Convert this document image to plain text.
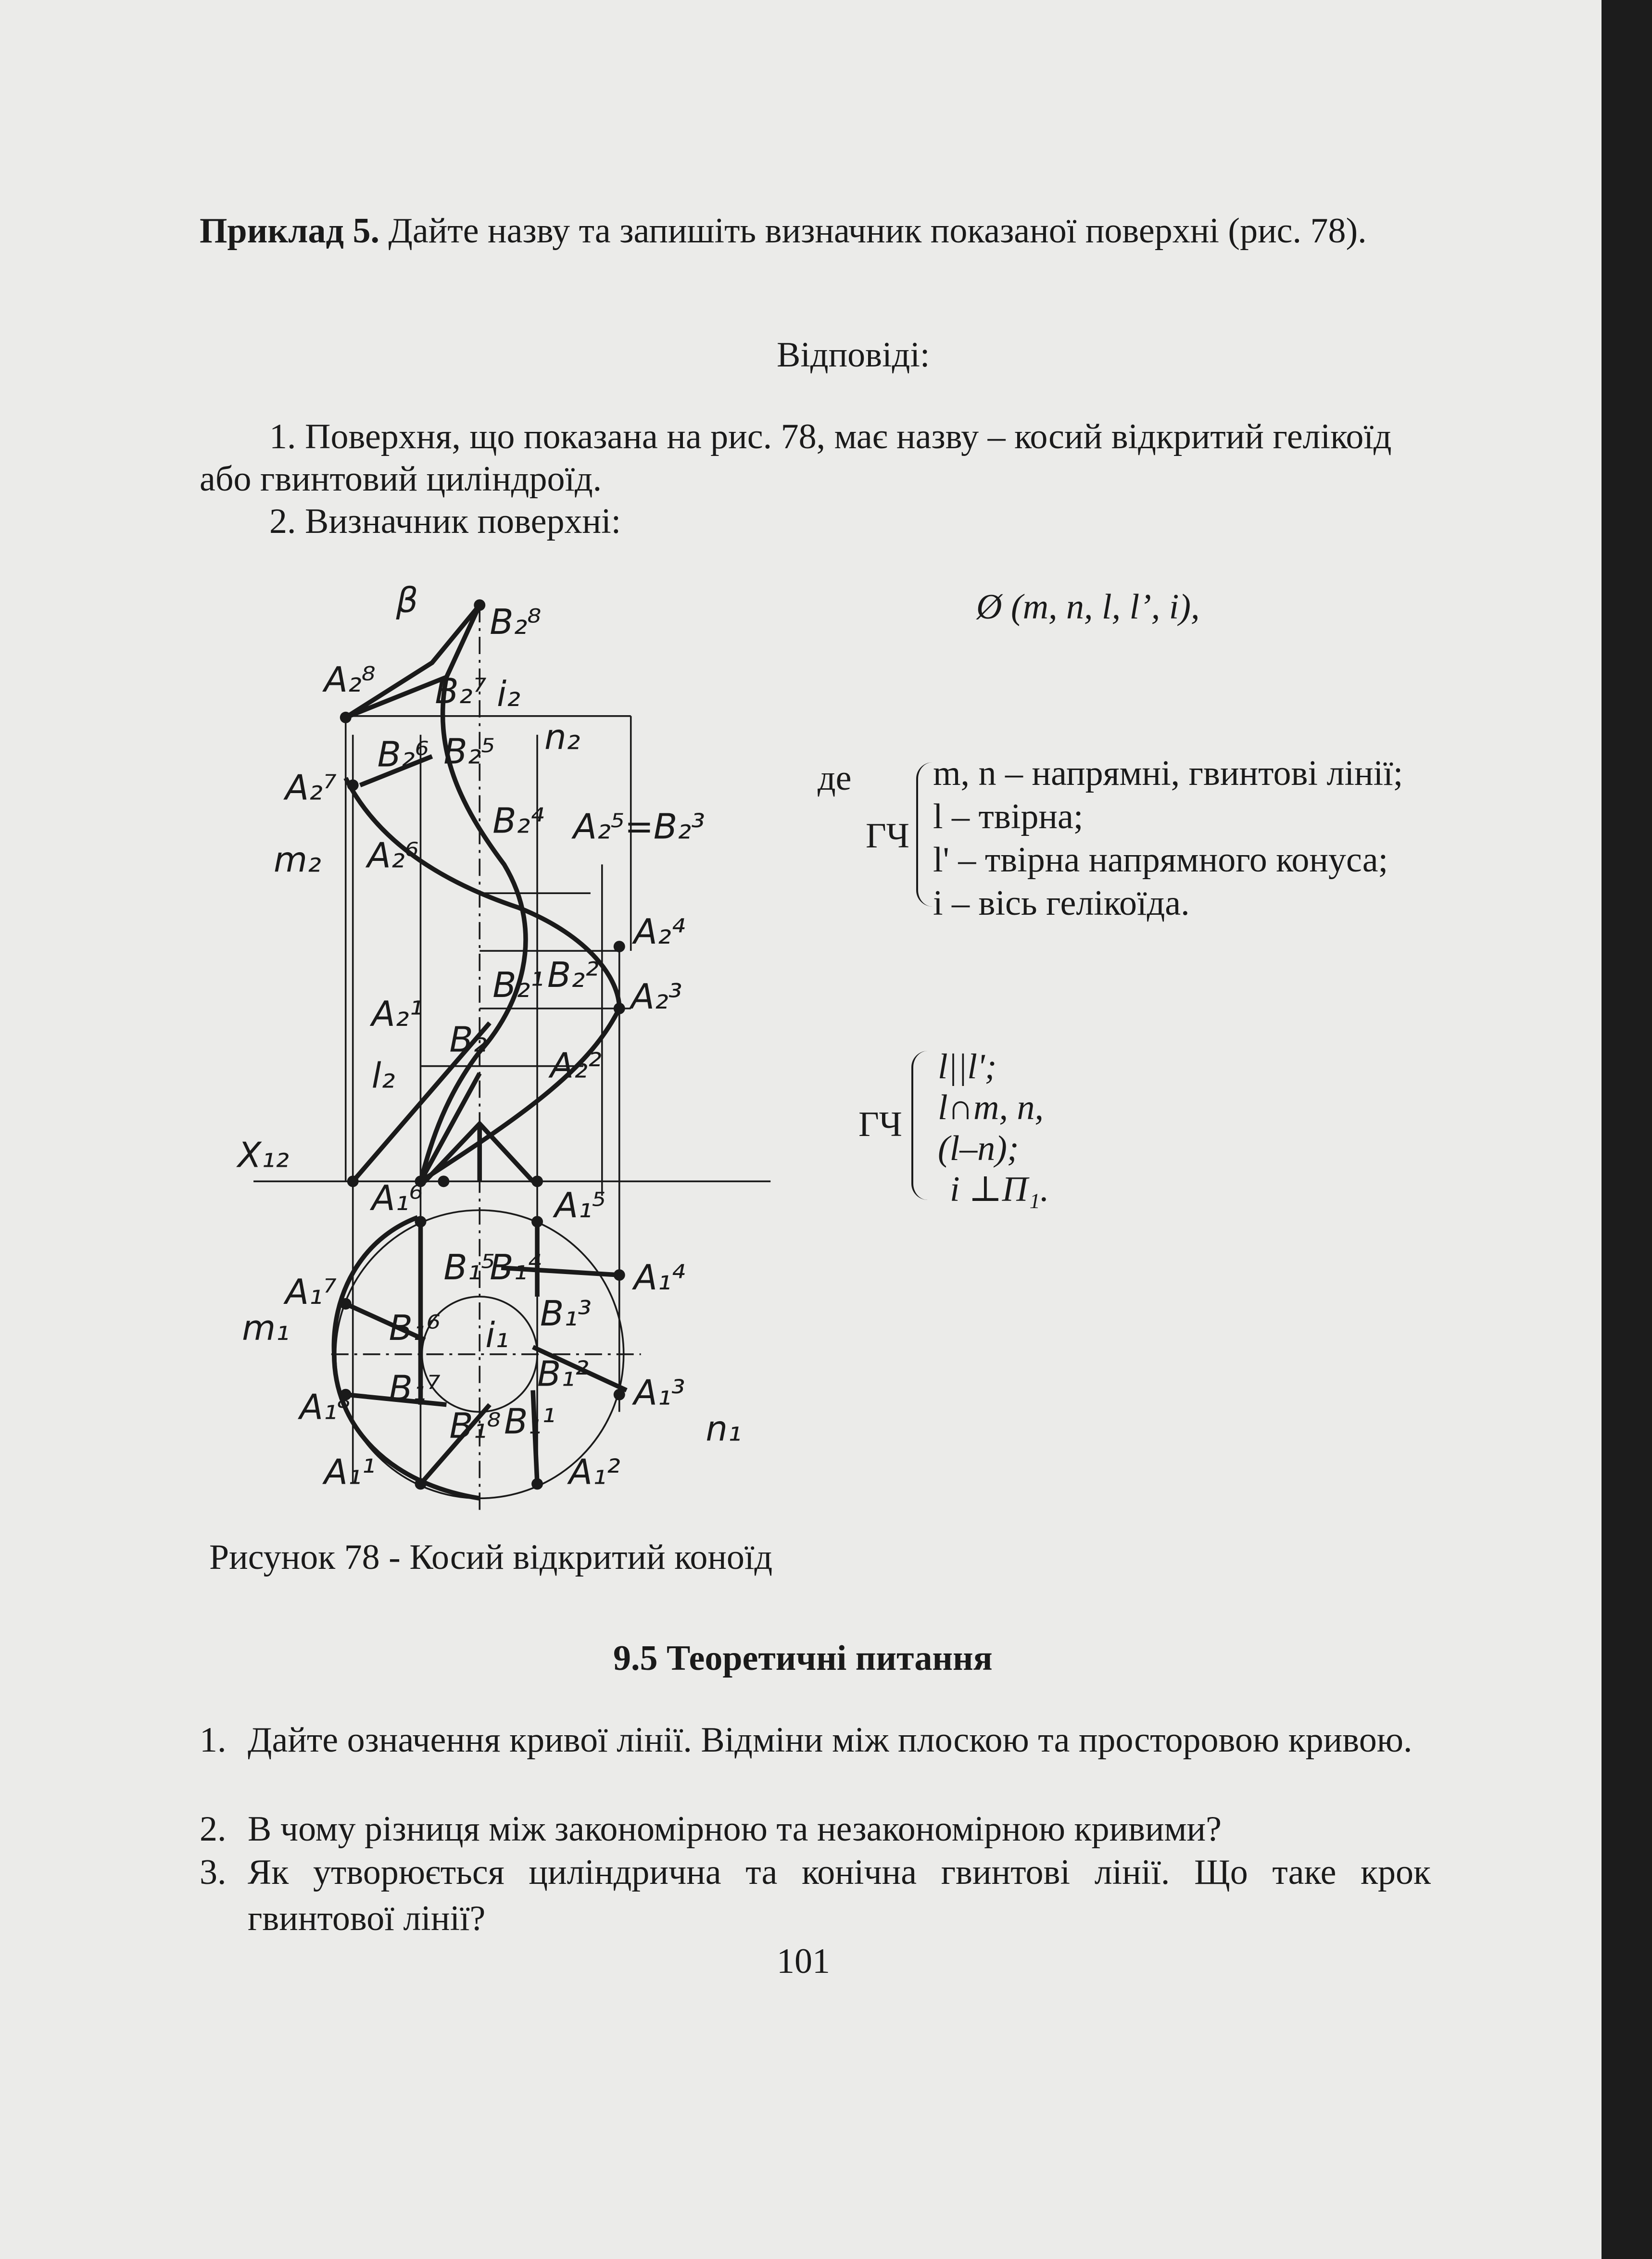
Приклад 5. Дайте назву та запишіть визначник показаної поверхні (рис. 78).
Відповіді:
1. Поверхня, що показана на рис. 78, має назву – косий відкритий гелікоїд
або гвинтовий циліндроїд.
2. Визначник поверхні:
Ø (m, n, l, l’, i),
де
ГЧ
m, n – напрямні, гвинтові лінії;
l – твірна;
l' – твірна напрямного конуса;
i – вісь гелікоїда.
ГЧ
l||l';
l∩m, n,
(l–n);
i ⊥Π₁.
β
B₂⁸
A₂⁸	B₂⁷ i₂
B₂⁶ B₂⁵	n₂
A₂⁷
B₂⁴	A₂⁵=B₂³
m₂	A₂⁶
A₂⁴
B₂¹ B₂²
A₂³
A₂¹
B₂
A₂²
l₂
X₁₂
A₁⁶	A₁⁵
B₁⁵
B₁⁴
A₁⁷	A₁⁴
B₁⁶	B₁³
m₁	i₁
B₁⁷	B₁²
A₁⁸	B₁⁸ B₁¹
A₁³
n₁
A₁¹	A₁²
Рисунок 78 - Косий відкритий коноїд
9.5 Теоретичні питання
1. Дайте означення кривої лінії. Відміни між плоскою та просторовою кривою.
2. В чому різниця між закономірною та незакономірною кривими?
3. Як утворюється циліндрична та конічна гвинтові лінії. Що таке крок гвинтової лінії?
101
